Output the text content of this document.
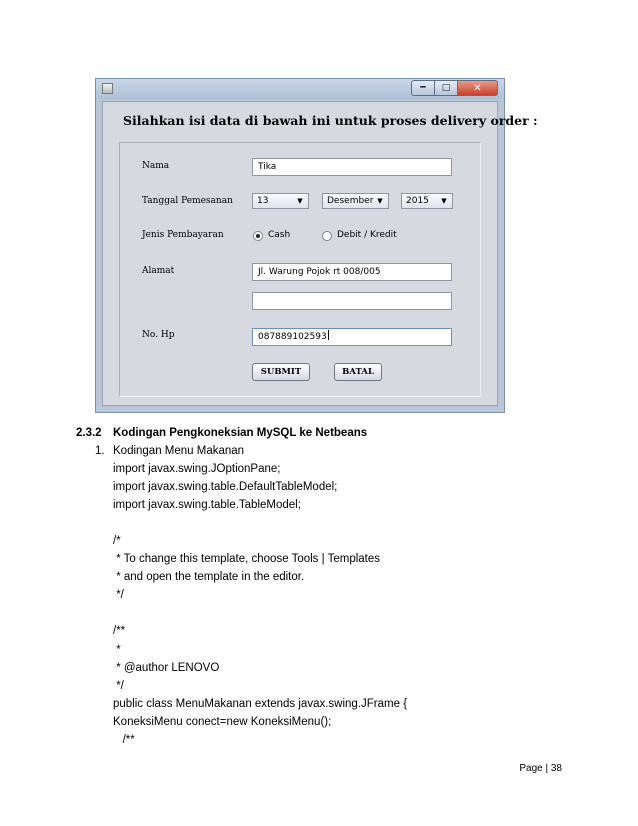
━	□	✕
Silahkan isi data di bawah ini untuk proses delivery order :
Nama	Tika
Tanggal Pemesanan	13	▼	Desember ▼	2015	▼
Jenis Pembayaran	Cash	Debit / Kredit
Alamat	Jl. Warung Pojok rt 008/005
No. Hp	087889102593
SUBMIT	BATAL
2.3.2 Kodingan Pengkoneksian MySQL ke Netbeans
1. Kodingan Menu Makanan
import javax.swing.JOptionPane;
import javax.swing.table.DefaultTableModel;
import javax.swing.table.TableModel;
/*
* To change this template, choose Tools | Templates
* and open the template in the editor.
*/
/**
*
* @author LENOVO
*/
public class MenuMakanan extends javax.swing.JFrame {
KoneksiMenu conect=new KoneksiMenu();
/**
Page | 38
